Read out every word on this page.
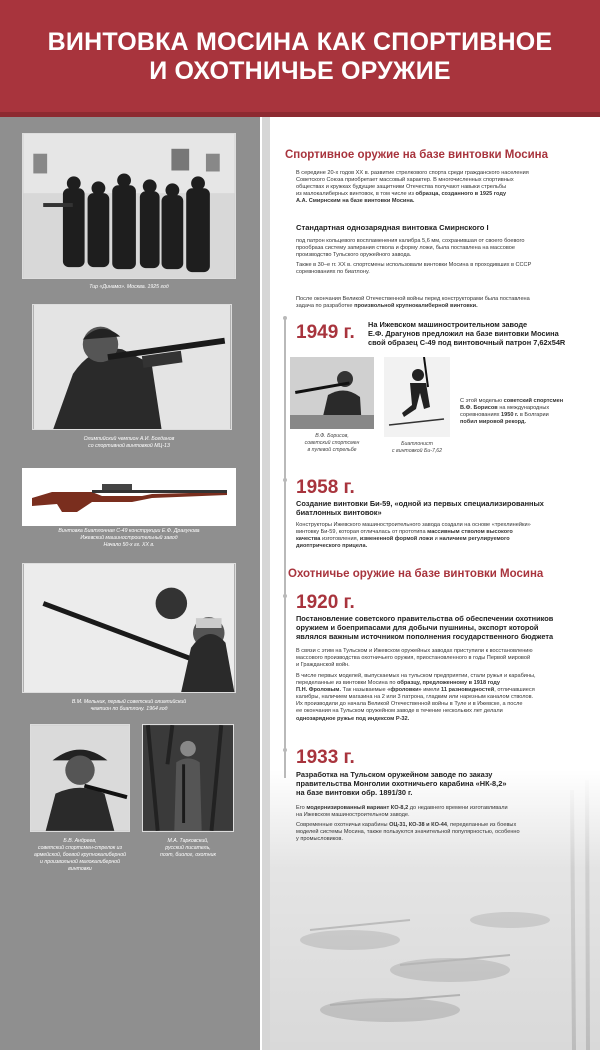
ВИНТОВКА МОСИНА КАК СПОРТИВНОЕ
И ОХОТНИЧЬЕ ОРУЖИЕ
Тир «Динамо». Москва. 1925 год
Олимпийский чемпион А.И. Богданов
со спортивной винтовкой МЦ-13
Винтовка Биатлонная С-49 конструкции Е.Ф. Драгунова
Ижевский машиностроительный завод
Начало 50-х гг. XX в.
В.М. Мельник, первый советский олимпийский
чемпион по биатлону. 1964 год
Б.В. Андреев,
советский спортсмен-стрелок из
армейской, боевой крупнокалиберной
и произвольной малокалиберной
винтовки
М.А. Тарковский,
русский писатель,
поэт, биолог, охотник
Спортивное оружие на базе винтовки Мосина
В середине 20-х годов XX в. развитие стрелкового спорта среди гражданского населения
Советского Союза приобретает массовый характер. В многочисленных спортивных
обществах и кружках будущие защитники Отечества получают навыки стрельбы
из малокалиберных винтовок, в том числе из образца, созданного в 1925 году
А.А. Смирнским на базе винтовки Мосина.
Стандартная однозарядная винтовка Смирнского I
под патрон кольцевого воспламенения калибра 5,6 мм, сохранившая от своего боевого
прообраза систему запирания ствола и форму ложи, была поставлена на массовое
производство Тульского оружейного завода.
Также в 30–е гг. XX в. спортсмены использовали винтовки Мосина в проходивших в СССР
соревнованиях по биатлону.
После окончания Великой Отечественной войны перед конструкторами была поставлена
задача по разработке произвольной крупнокалиберной винтовки.
1949 г. На Ижевском машиностроительном заводе
Е.Ф. Драгунов предложил на базе винтовки Мосина
свой образец С-49 под винтовочный патрон 7,62х54R
В.Ф. Борисов,
советский спортсмен
в пулевой стрельбе
Биатлонист
с винтовкой Би-7,62
С этой моделью советский спортсмен
В.Ф. Борисов на международных
соревнованиях 1950 г. в Болгарии
побил мировой рекорд.
1958 г.
Создание винтовки Би-59, «одной из первых специализированных
биатлонных винтовок»
Конструкторы Ижевского машиностроительного завода создали на основе «трехлинейки»
винтовку Би-59, которая отличалась от прототипа массивным стволом высокого
качества изготовления, измененной формой ложи и наличием регулируемого
диоптрического прицела.
Охотничье оружие на базе винтовки Мосина
1920 г.
Постановление советского правительства об обеспечении охотников
оружием и боеприпасами для добычи пушнины, экспорт которой
являлся важным источником пополнения государственного бюджета
В связи с этим на Тульском и Ижевском оружейных заводах приступили к восстановлению
массового производства охотничьего оружия, приостановленного в годы Первой мировой
и Гражданской войн.
В числе первых моделей, выпускаемых на тульском предприятии, стали ружья и карабины,
переделанные из винтовки Мосина по образцу, предложенному в 1918 году
П.Н. Фроловым. Так называемые «фроловки» имели 11 разновидностей, отличавшиеся
калибры, наличием магазина на 2 или 3 патрона, гладким или нарезным каналом стволов.
Их производили до начала Великой Отечественной войны в Туле и в Ижевске, а после
ее окончания на Тульском оружейном заводе в течение нескольких лет делали
однозарядное ружье под индексом Р-32.
1933 г.
Разработка на Тульском оружейном заводе по заказу
правительства Монголии охотничьего карабина «НК-8,2»
на базе винтовки обр. 1891/30 г.
Его модернизированный вариант КО-8,2 до недавнего времени изготавливали
на Ижевском машиностроительном заводе.
Современные охотничьи карабины ОЦ-31, КО-38 и КО-44, переделанные из боевых
моделей системы Мосина, также пользуются значительной популярностью, особенно
у промысловиков.
